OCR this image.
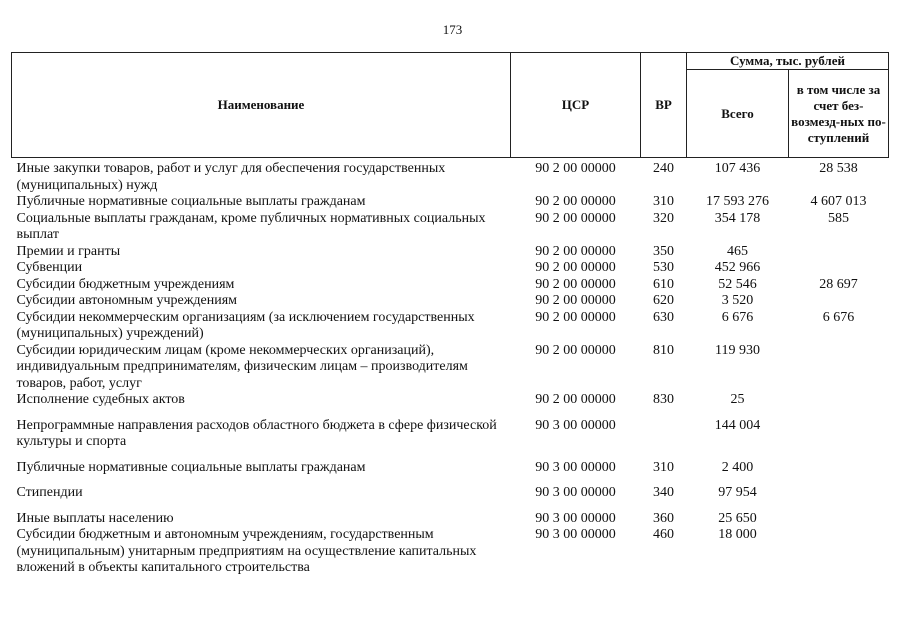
173
Наименование	ЦСР	ВР	Сумма, тыс. рублей	
			Всего	в том числе за счет без-возмезд-ных по-ступлений
Иные закупки товаров, работ и услуг для обеспечения государственных (муниципальных) нужд	90 2 00 00000	240	107 436	28 538
Публичные нормативные социальные выплаты гражданам	90 2 00 00000	310	17 593 276	4 607 013
Социальные выплаты гражданам, кроме публичных нормативных социальных выплат	90 2 00 00000	320	354 178	585
Премии и гранты	90 2 00 00000	350	465	
Субвенции	90 2 00 00000	530	452 966	
Субсидии бюджетным учреждениям	90 2 00 00000	610	52 546	28 697
Субсидии автономным учреждениям	90 2 00 00000	620	3 520	
Субсидии некоммерческим организациям (за исключением государственных (муниципальных) учреждений)	90 2 00 00000	630	6 676	6 676
Субсидии юридическим лицам (кроме некоммерческих организаций), индивидуальным предпринимателям, физическим лицам – производителям товаров, работ, услуг	90 2 00 00000	810	119 930	
Исполнение судебных актов	90 2 00 00000	830	25	
Непрограммные направления расходов областного бюджета в сфере физической культуры и спорта	90 3 00 00000		144 004	
Публичные нормативные социальные выплаты гражданам	90 3 00 00000	310	2 400	
Стипендии	90 3 00 00000	340	97 954	
Иные выплаты населению	90 3 00 00000	360	25 650	
Субсидии бюджетным и автономным учреждениям, государственным (муниципальным) унитарным предприятиям на осуществление капитальных вложений в объекты капитального строительства	90 3 00 00000	460	18 000	
